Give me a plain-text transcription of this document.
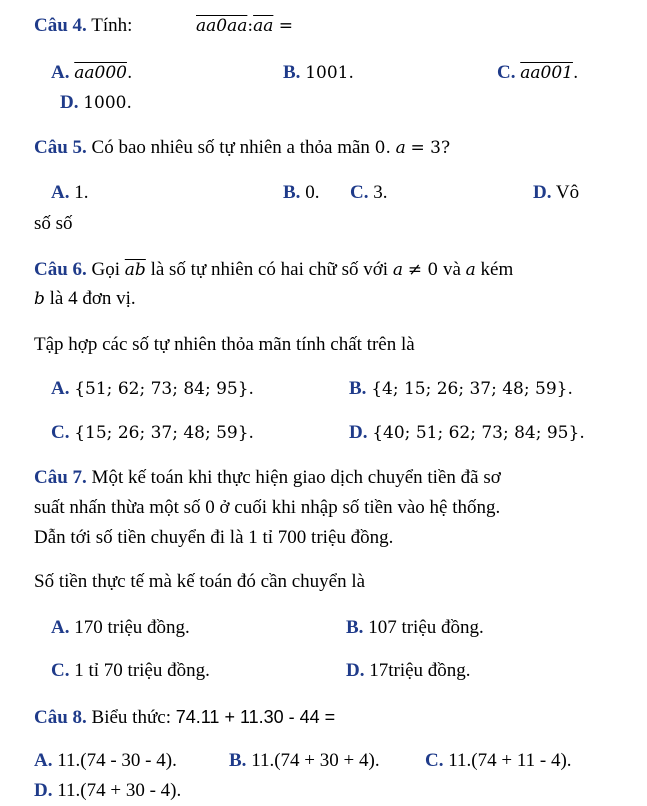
Câu 4. Tính:	$aa0aa:\overline{aa}$ =
A. aa000.	B. 1001.	C. aa001.
D. 1000.
Câu 5. Có bao nhiêu số tự nhiên a thỏa mãn 0. a = 3?
A. 1.	B. 0. C. 3.	D. Vô
số số
Câu 6. Gọi $\overline{ab}$ là số tự nhiên có hai chữ số với a ≠ 0 và a kém
b là 4 đơn vị.
Tập hợp các số tự nhiên thỏa mãn tính chất trên là
A. {51; 62; 73; 84; 95}.	B. {4; 15; 26; 37; 48; 59}.
C. {15; 26; 37; 48; 59}.	D. {40; 51; 62; 73; 84; 95}.
Câu 7. Một kế toán khi thực hiện giao dịch chuyển tiền đã sơ
suất nhấn thừa một số 0 ở cuối khi nhập số tiền vào hệ thống.
Dẫn tới số tiền chuyển đi là 1 tỉ 700 triệu đồng.
Số tiền thực tế mà kế toán đó cần chuyển là
A. 170 triệu đồng.	B. 107 triệu đồng.
C. 1 tỉ 70 triệu đồng.	D. 17triệu đồng.
Câu 8. Biểu thức: 74.11 + 11.30 - 44 =
A. 11.(74 - 30 - 4).	B. 11.(74 + 30 + 4). C. 11.(74 + 11 - 4).
D. 11.(74 + 30 - 4).
